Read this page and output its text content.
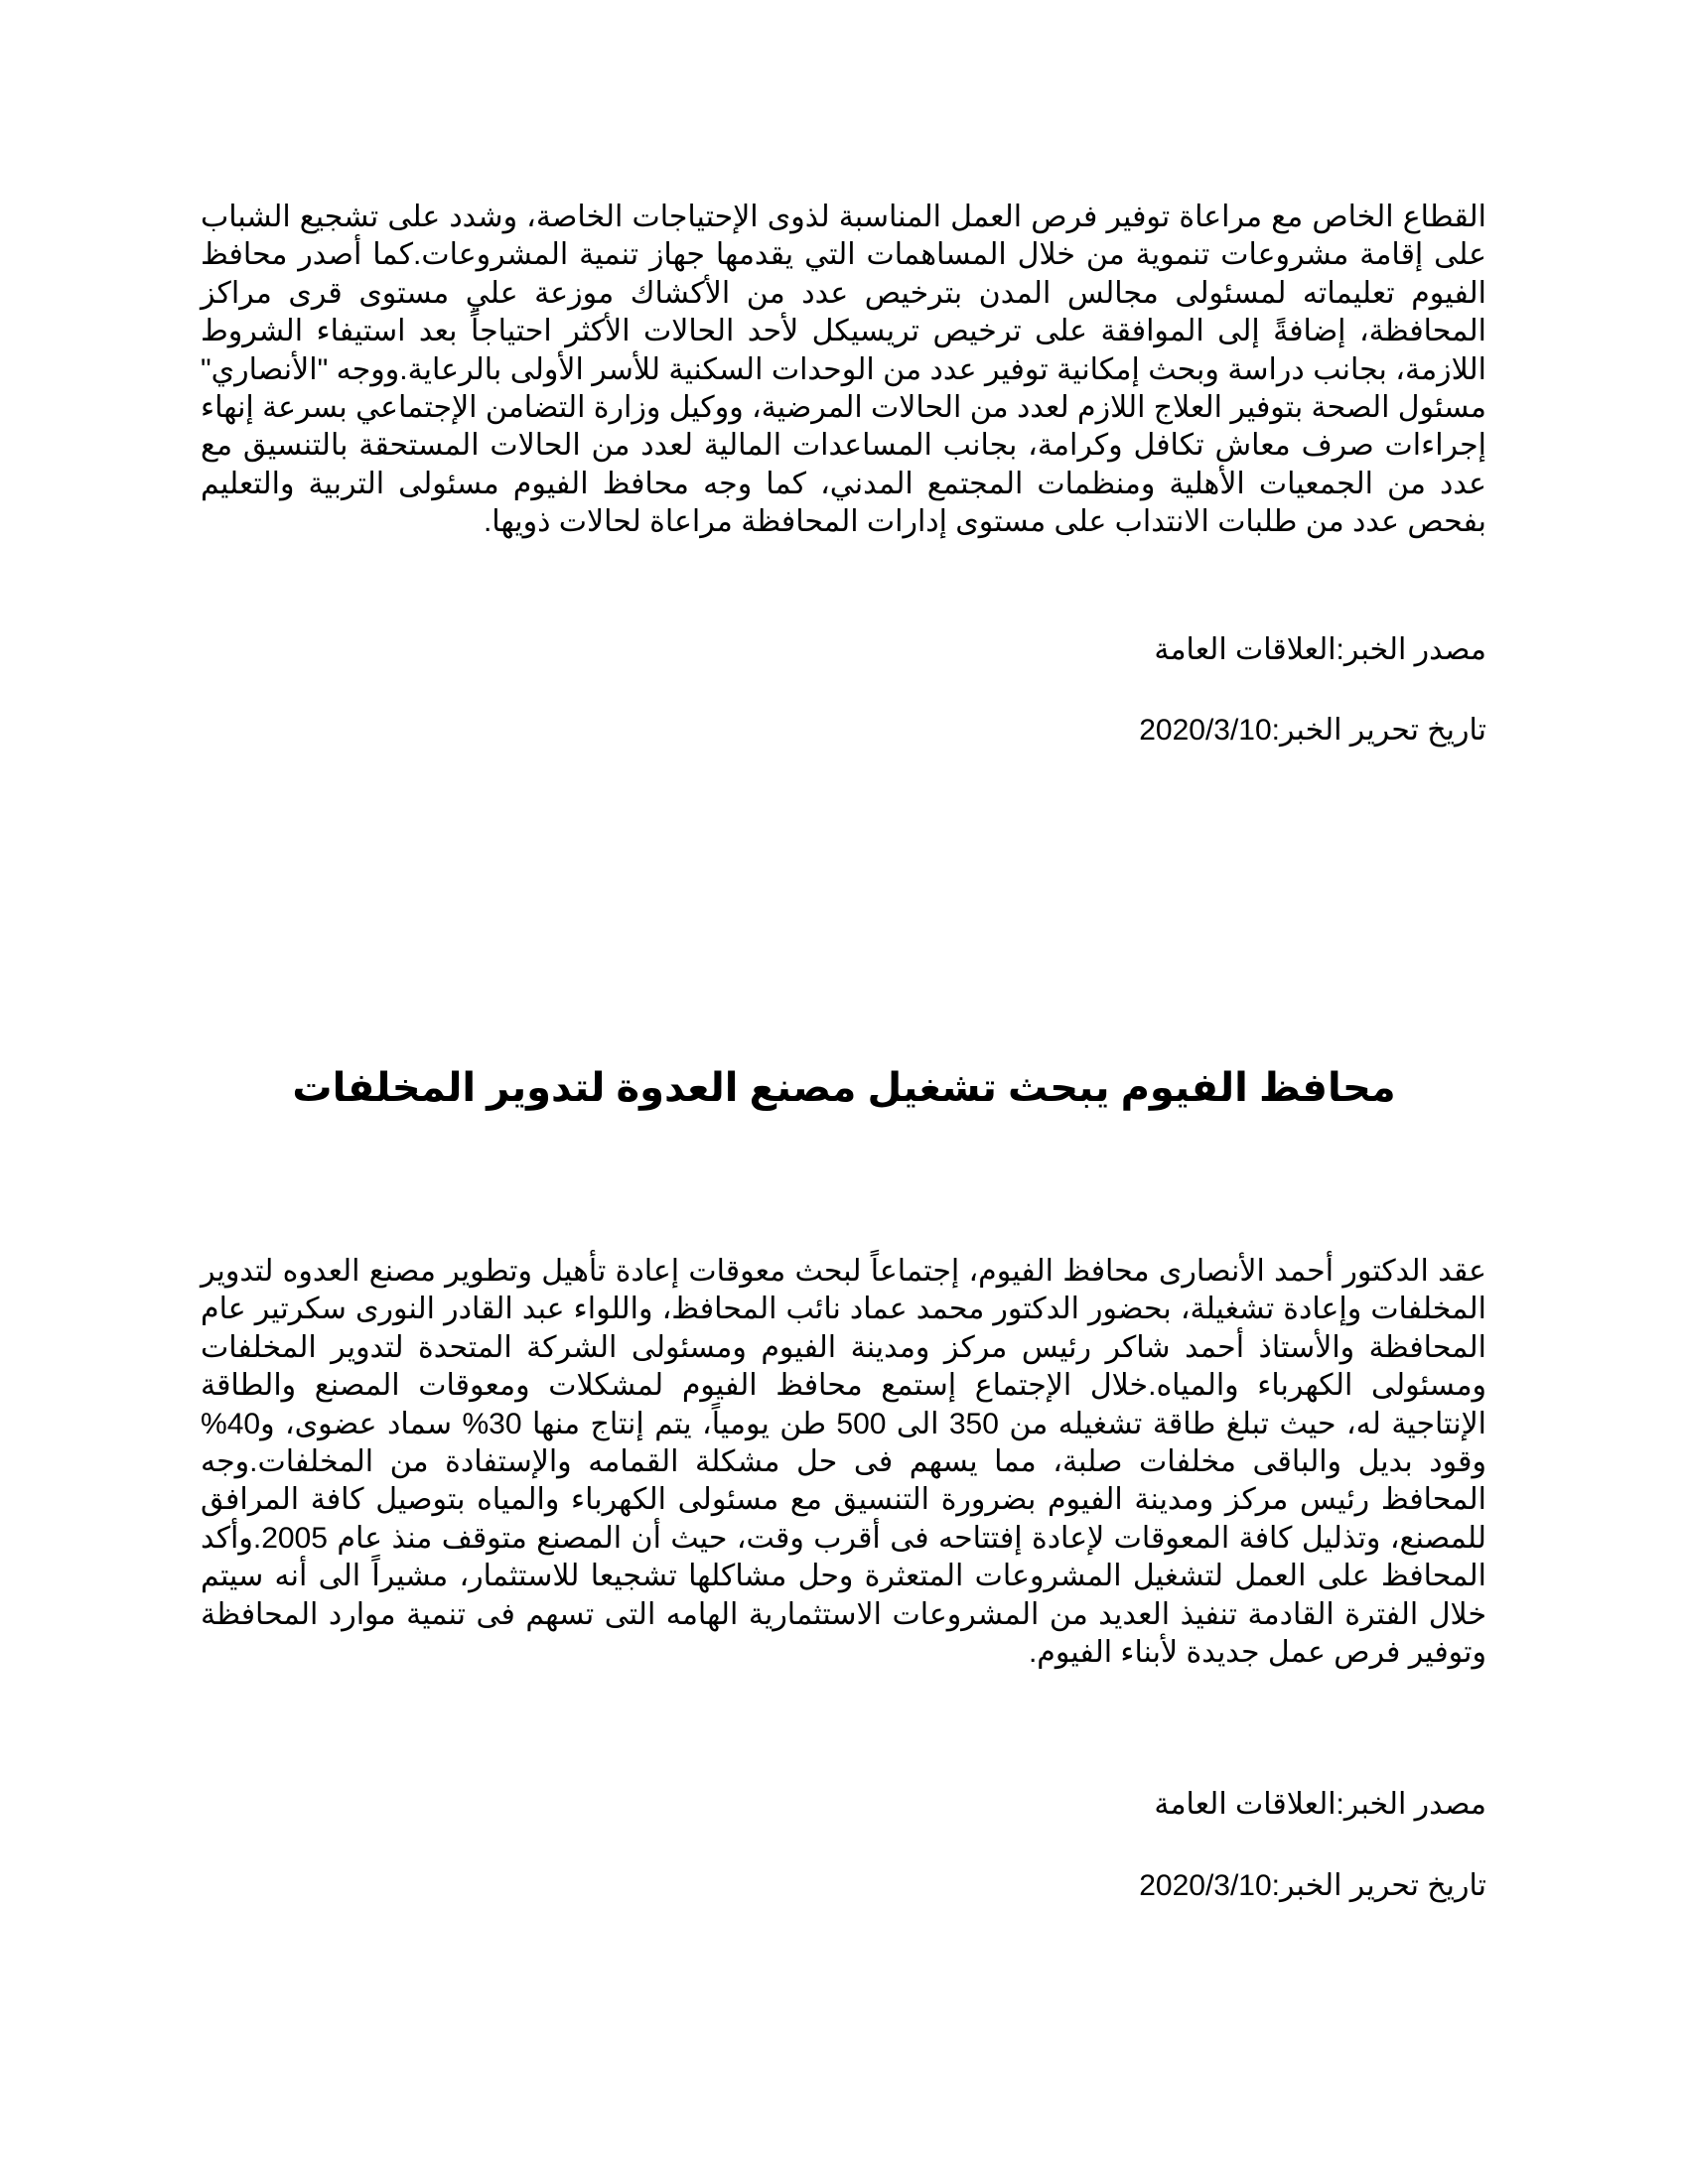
القطاع الخاص مع مراعاة توفير فرص العمل المناسبة لذوى الإحتياجات الخاصة، وشدد على تشجيع الشباب على إقامة مشروعات تنموية من خلال المساهمات التي يقدمها جهاز تنمية المشروعات.كما أصدر محافظ الفيوم تعليماته لمسئولى مجالس المدن بترخيص عدد من الأكشاك موزعة علي مستوى قرى مراكز المحافظة، إضافةً إلى الموافقة على ترخيص تريسيكل لأحد الحالات الأكثر احتياجاً بعد استيفاء الشروط اللازمة، بجانب دراسة وبحث إمكانية توفير عدد من الوحدات السكنية للأسر الأولى بالرعاية.ووجه "الأنصاري" مسئول الصحة بتوفير العلاج اللازم لعدد من الحالات المرضية، ووكيل وزارة التضامن الإجتماعي بسرعة إنهاء إجراءات صرف معاش تكافل وكرامة، بجانب المساعدات المالية لعدد من الحالات المستحقة بالتنسيق مع عدد من الجمعيات الأهلية ومنظمات المجتمع المدني، كما وجه محافظ الفيوم مسئولى التربية والتعليم بفحص عدد من طلبات الانتداب على مستوى إدارات المحافظة مراعاة لحالات ذويها.

مصدر الخبر:العلاقات العامة

تاريخ تحرير الخبر:2020/3/10

محافظ الفيوم يبحث تشغيل مصنع العدوة لتدوير المخلفات

عقد الدكتور أحمد الأنصارى محافظ الفيوم، إجتماعاً لبحث معوقات إعادة تأهيل وتطوير مصنع العدوه لتدوير المخلفات وإعادة تشغيلة، بحضور الدكتور محمد عماد نائب المحافظ، واللواء عبد القادر النورى سكرتير عام المحافظة والأستاذ أحمد شاكر رئيس مركز ومدينة الفيوم ومسئولى الشركة المتحدة لتدوير المخلفات ومسئولى الكهرباء والمياه.خلال الإجتماع إستمع محافظ الفيوم لمشكلات ومعوقات المصنع والطاقة الإنتاجية له، حيث تبلغ طاقة تشغيله من 350 الى 500 طن يومياً، يتم إنتاج منها 30% سماد عضوى، و40% وقود بديل والباقى مخلفات صلبة، مما يسهم فى حل مشكلة القمامه والإستفادة من المخلفات.وجه المحافظ رئيس مركز ومدينة الفيوم بضرورة التنسيق مع مسئولى الكهرباء والمياه بتوصيل كافة المرافق للمصنع، وتذليل كافة المعوقات لإعادة إفتتاحه فى أقرب وقت، حيث أن المصنع متوقف منذ عام 2005.وأكد المحافظ على العمل لتشغيل المشروعات المتعثرة وحل مشاكلها تشجيعا للاستثمار، مشيراً الى أنه سيتم خلال الفترة القادمة تنفيذ العديد من المشروعات الاستثمارية الهامه التى تسهم فى تنمية موارد المحافظة وتوفير فرص عمل جديدة لأبناء الفيوم.

مصدر الخبر:العلاقات العامة

تاريخ تحرير الخبر:2020/3/10
